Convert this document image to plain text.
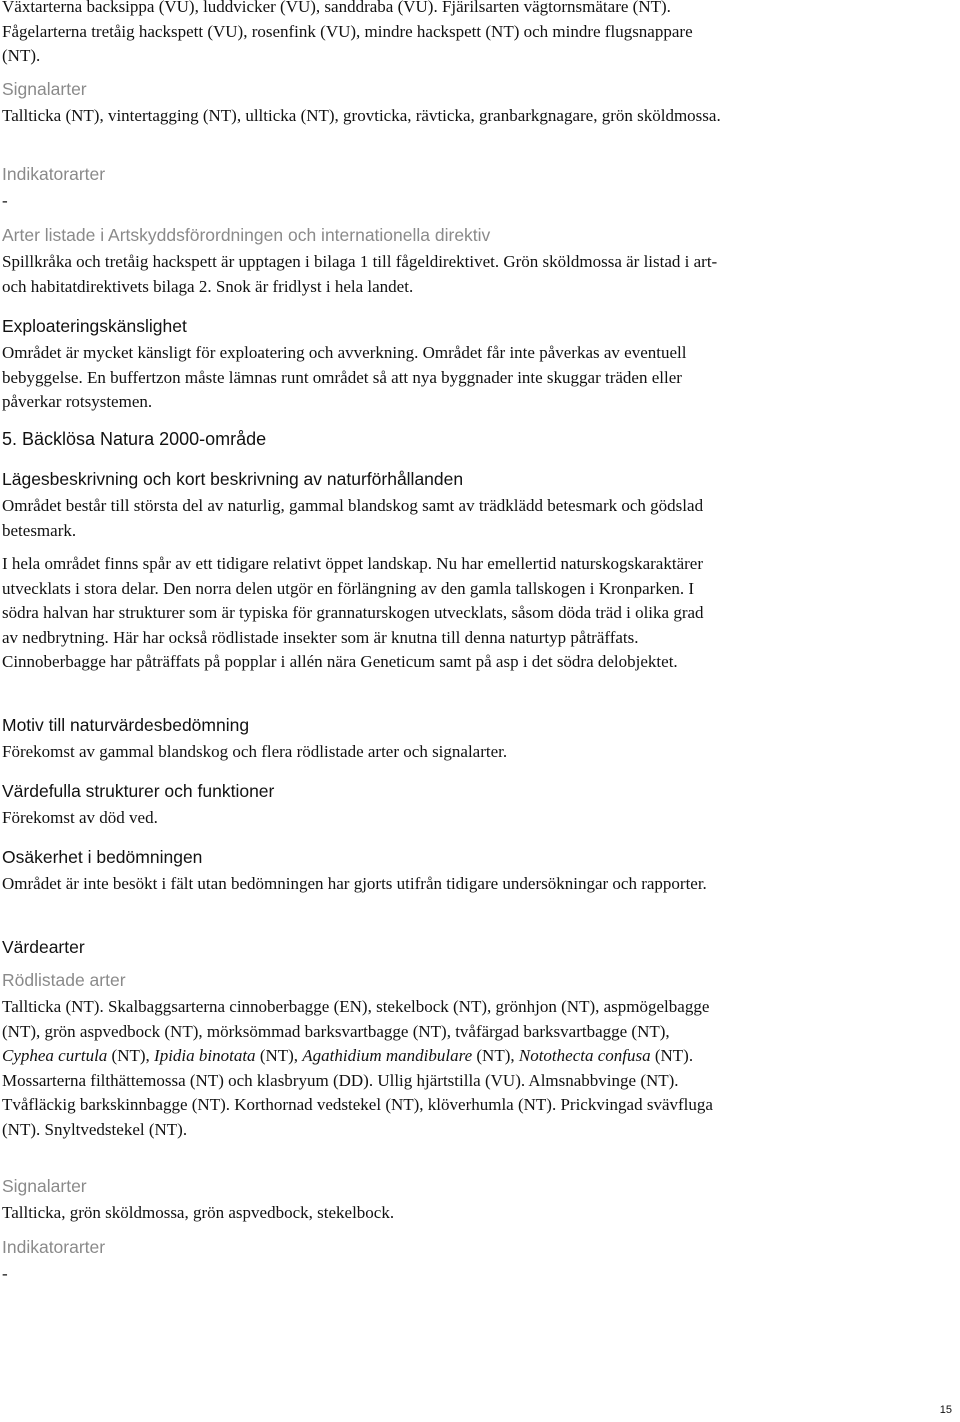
Växtarterna backsippa (VU), luddvicker (VU), sanddraba (VU). Fjärilsarten vägtornsmätare (NT). Fågelarterna tretåig hackspett (VU), rosenfink (VU), mindre hackspett (NT) och mindre flugsnappare (NT).

Signalarter

Tallticka (NT), vintertagging (NT), ullticka (NT), grovticka, rävticka, granbarkgnagare, grön sköldmossa.

Indikatorarter

-

Arter listade i Artskyddsförordningen och internationella direktiv

Spillkråka och tretåig hackspett är upptagen i bilaga 1 till fågeldirektivet. Grön sköldmossa är listad i art- och habitatdirektivets bilaga 2. Snok är fridlyst i hela landet.

Exploateringskänslighet

Området är mycket känsligt för exploatering och avverkning. Området får inte påverkas av eventuell bebyggelse. En buffertzon måste lämnas runt området så att nya byggnader inte skuggar träden eller påverkar rotsystemen.

5. Bäcklösa Natura 2000-område
Lägesbeskrivning och kort beskrivning av naturförhållanden

Området består till största del av naturlig, gammal blandskog samt av trädklädd betesmark och gödslad betesmark.

I hela området finns spår av ett tidigare relativt öppet landskap. Nu har emellertid naturskogskaraktärer utvecklats i stora delar. Den norra delen utgör en förlängning av den gamla tallskogen i Kronparken. I södra halvan har strukturer som är typiska för grannaturskogen utvecklats, såsom döda träd i olika grad av nedbrytning. Här har också rödlistade insekter som är knutna till denna naturtyp påträffats. Cinnoberbagge har påträffats på popplar i allén nära Geneticum samt på asp i det södra delobjektet.

Motiv till naturvärdesbedömning

Förekomst av gammal blandskog och flera rödlistade arter och signalarter.

Värdefulla strukturer och funktioner

Förekomst av död ved.

Osäkerhet i bedömningen

Området är inte besökt i fält utan bedömningen har gjorts utifrån tidigare undersökningar och rapporter.

Värdearter
Rödlistade arter

Tallticka (NT). Skalbaggsarterna cinnoberbagge (EN), stekelbock (NT), grönhjon (NT), aspmögelbagge (NT), grön aspvedbock (NT), mörksömmad barksvartbagge (NT), tvåfärgad barksvartbagge (NT), Cyphea curtula (NT), Ipidia binotata (NT), Agathidium mandibulare (NT), Notothecta confusa (NT). Mossarterna filthättemossa (NT) och klasbryum (DD). Ullig hjärtstilla (VU). Almsnabbvinge (NT). Tvåfläckig barkskinnbagge (NT). Korthornad vedstekel (NT), klöverhumla (NT). Prickvingad svävfluga (NT). Snyltvedstekel (NT).

Signalarter

Tallticka, grön sköldmossa, grön aspvedbock, stekelbock.

Indikatorarter

-

15
